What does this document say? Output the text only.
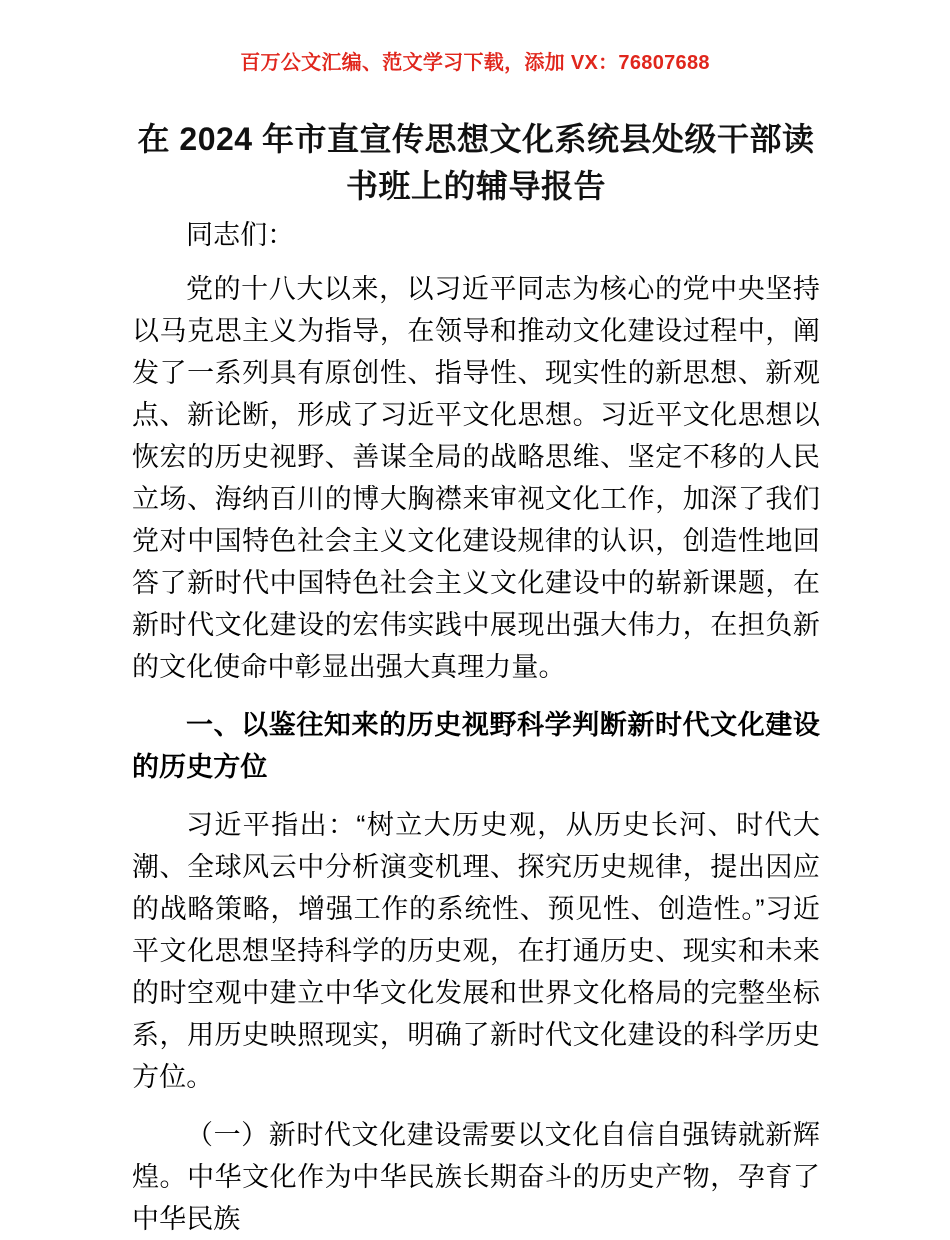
百万公文汇编、范文学习下载，添加 VX：76807688
在 2024 年市直宣传思想文化系统县处级干部读
书班上的辅导报告

同志们：

党的十八大以来，以习近平同志为核心的党中央坚持以马克思主义为指导，在领导和推动文化建设过程中，阐发了一系列具有原创性、指导性、现实性的新思想、新观点、新论断，形成了习近平文化思想。习近平文化思想以恢宏的历史视野、善谋全局的战略思维、坚定不移的人民立场、海纳百川的博大胸襟来审视文化工作，加深了我们党对中国特色社会主义文化建设规律的认识，创造性地回答了新时代中国特色社会主义文化建设中的崭新课题，在新时代文化建设的宏伟实践中展现出强大伟力，在担负新的文化使命中彰显出强大真理力量。

一、以鉴往知来的历史视野科学判断新时代文化建设的历史方位

习近平指出：“树立大历史观，从历史长河、时代大潮、全球风云中分析演变机理、探究历史规律，提出因应的战略策略，增强工作的系统性、预见性、创造性。”习近平文化思想坚持科学的历史观，在打通历史、现实和未来的时空观中建立中华文化发展和世界文化格局的完整坐标系，用历史映照现实，明确了新时代文化建设的科学历史方位。

（一）新时代文化建设需要以文化自信自强铸就新辉煌。中华文化作为中华民族长期奋斗的历史产物，孕育了中华民族
